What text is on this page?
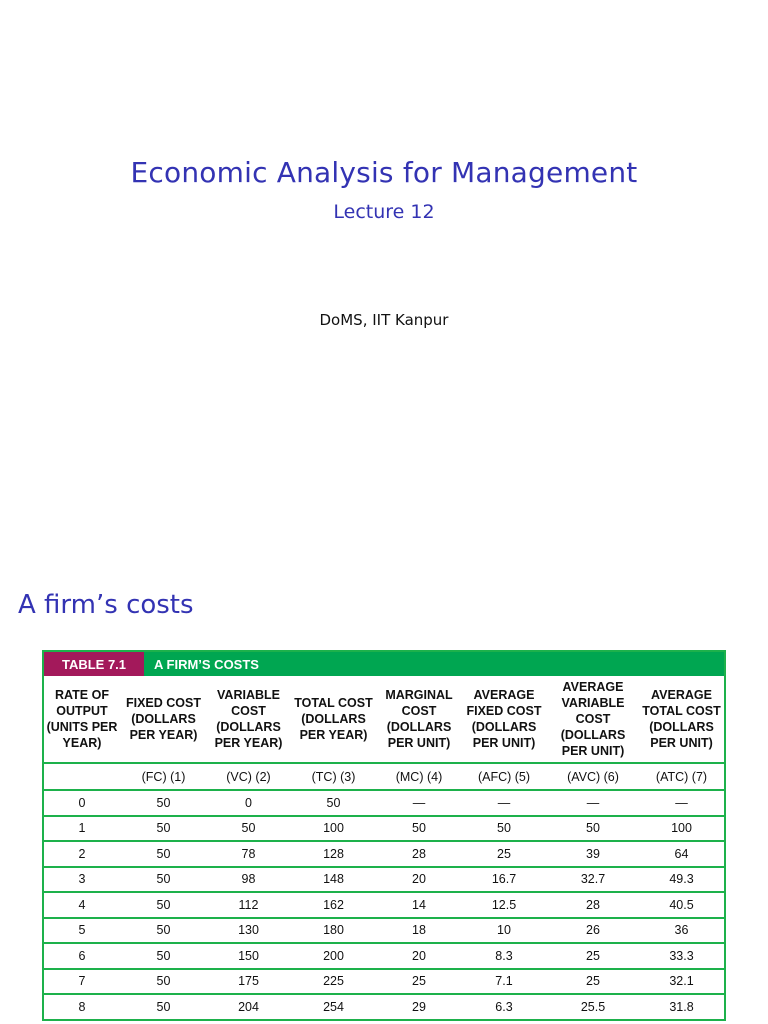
Economic Analysis for Management
Lecture 12
DoMS, IIT Kanpur
A firm’s costs
TABLE 7.1	A FIRM’S COSTS
RATE OF OUTPUT (UNITS PER YEAR)	FIXED COST (DOLLARS PER YEAR)	VARIABLE COST (DOLLARS PER YEAR)	TOTAL COST (DOLLARS PER YEAR)	MARGINAL COST (DOLLARS PER UNIT)	AVERAGE FIXED COST (DOLLARS PER UNIT)	AVERAGE VARIABLE COST (DOLLARS PER UNIT)	AVERAGE TOTAL COST (DOLLARS PER UNIT)
	(FC) (1)	(VC) (2)	(TC) (3)	(MC) (4)	(AFC) (5)	(AVC) (6)	(ATC) (7)
0	50	0	50	—	—	—	—
1	50	50	100	50	50	50	100
2	50	78	128	28	25	39	64
3	50	98	148	20	16.7	32.7	49.3
4	50	112	162	14	12.5	28	40.5
5	50	130	180	18	10	26	36
6	50	150	200	20	8.3	25	33.3
7	50	175	225	25	7.1	25	32.1
8	50	204	254	29	6.3	25.5	31.8
